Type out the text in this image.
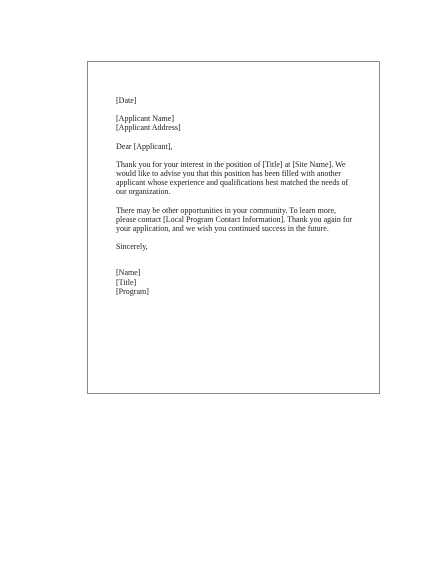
[Date]
[Applicant Name]
[Applicant Address]
Dear [Applicant],
Thank you for your interest in the position of [Title] at [Site Name]. We would like to advise you that this position has been filled with another applicant whose experience and qualifications best matched the needs of our organization.
There may be other opportunities in your community. To learn more, please contact [Local Program Contact Information]. Thank you again for your application, and we wish you continued success in the future.
Sincerely,
[Name]
[Title]
[Program]
